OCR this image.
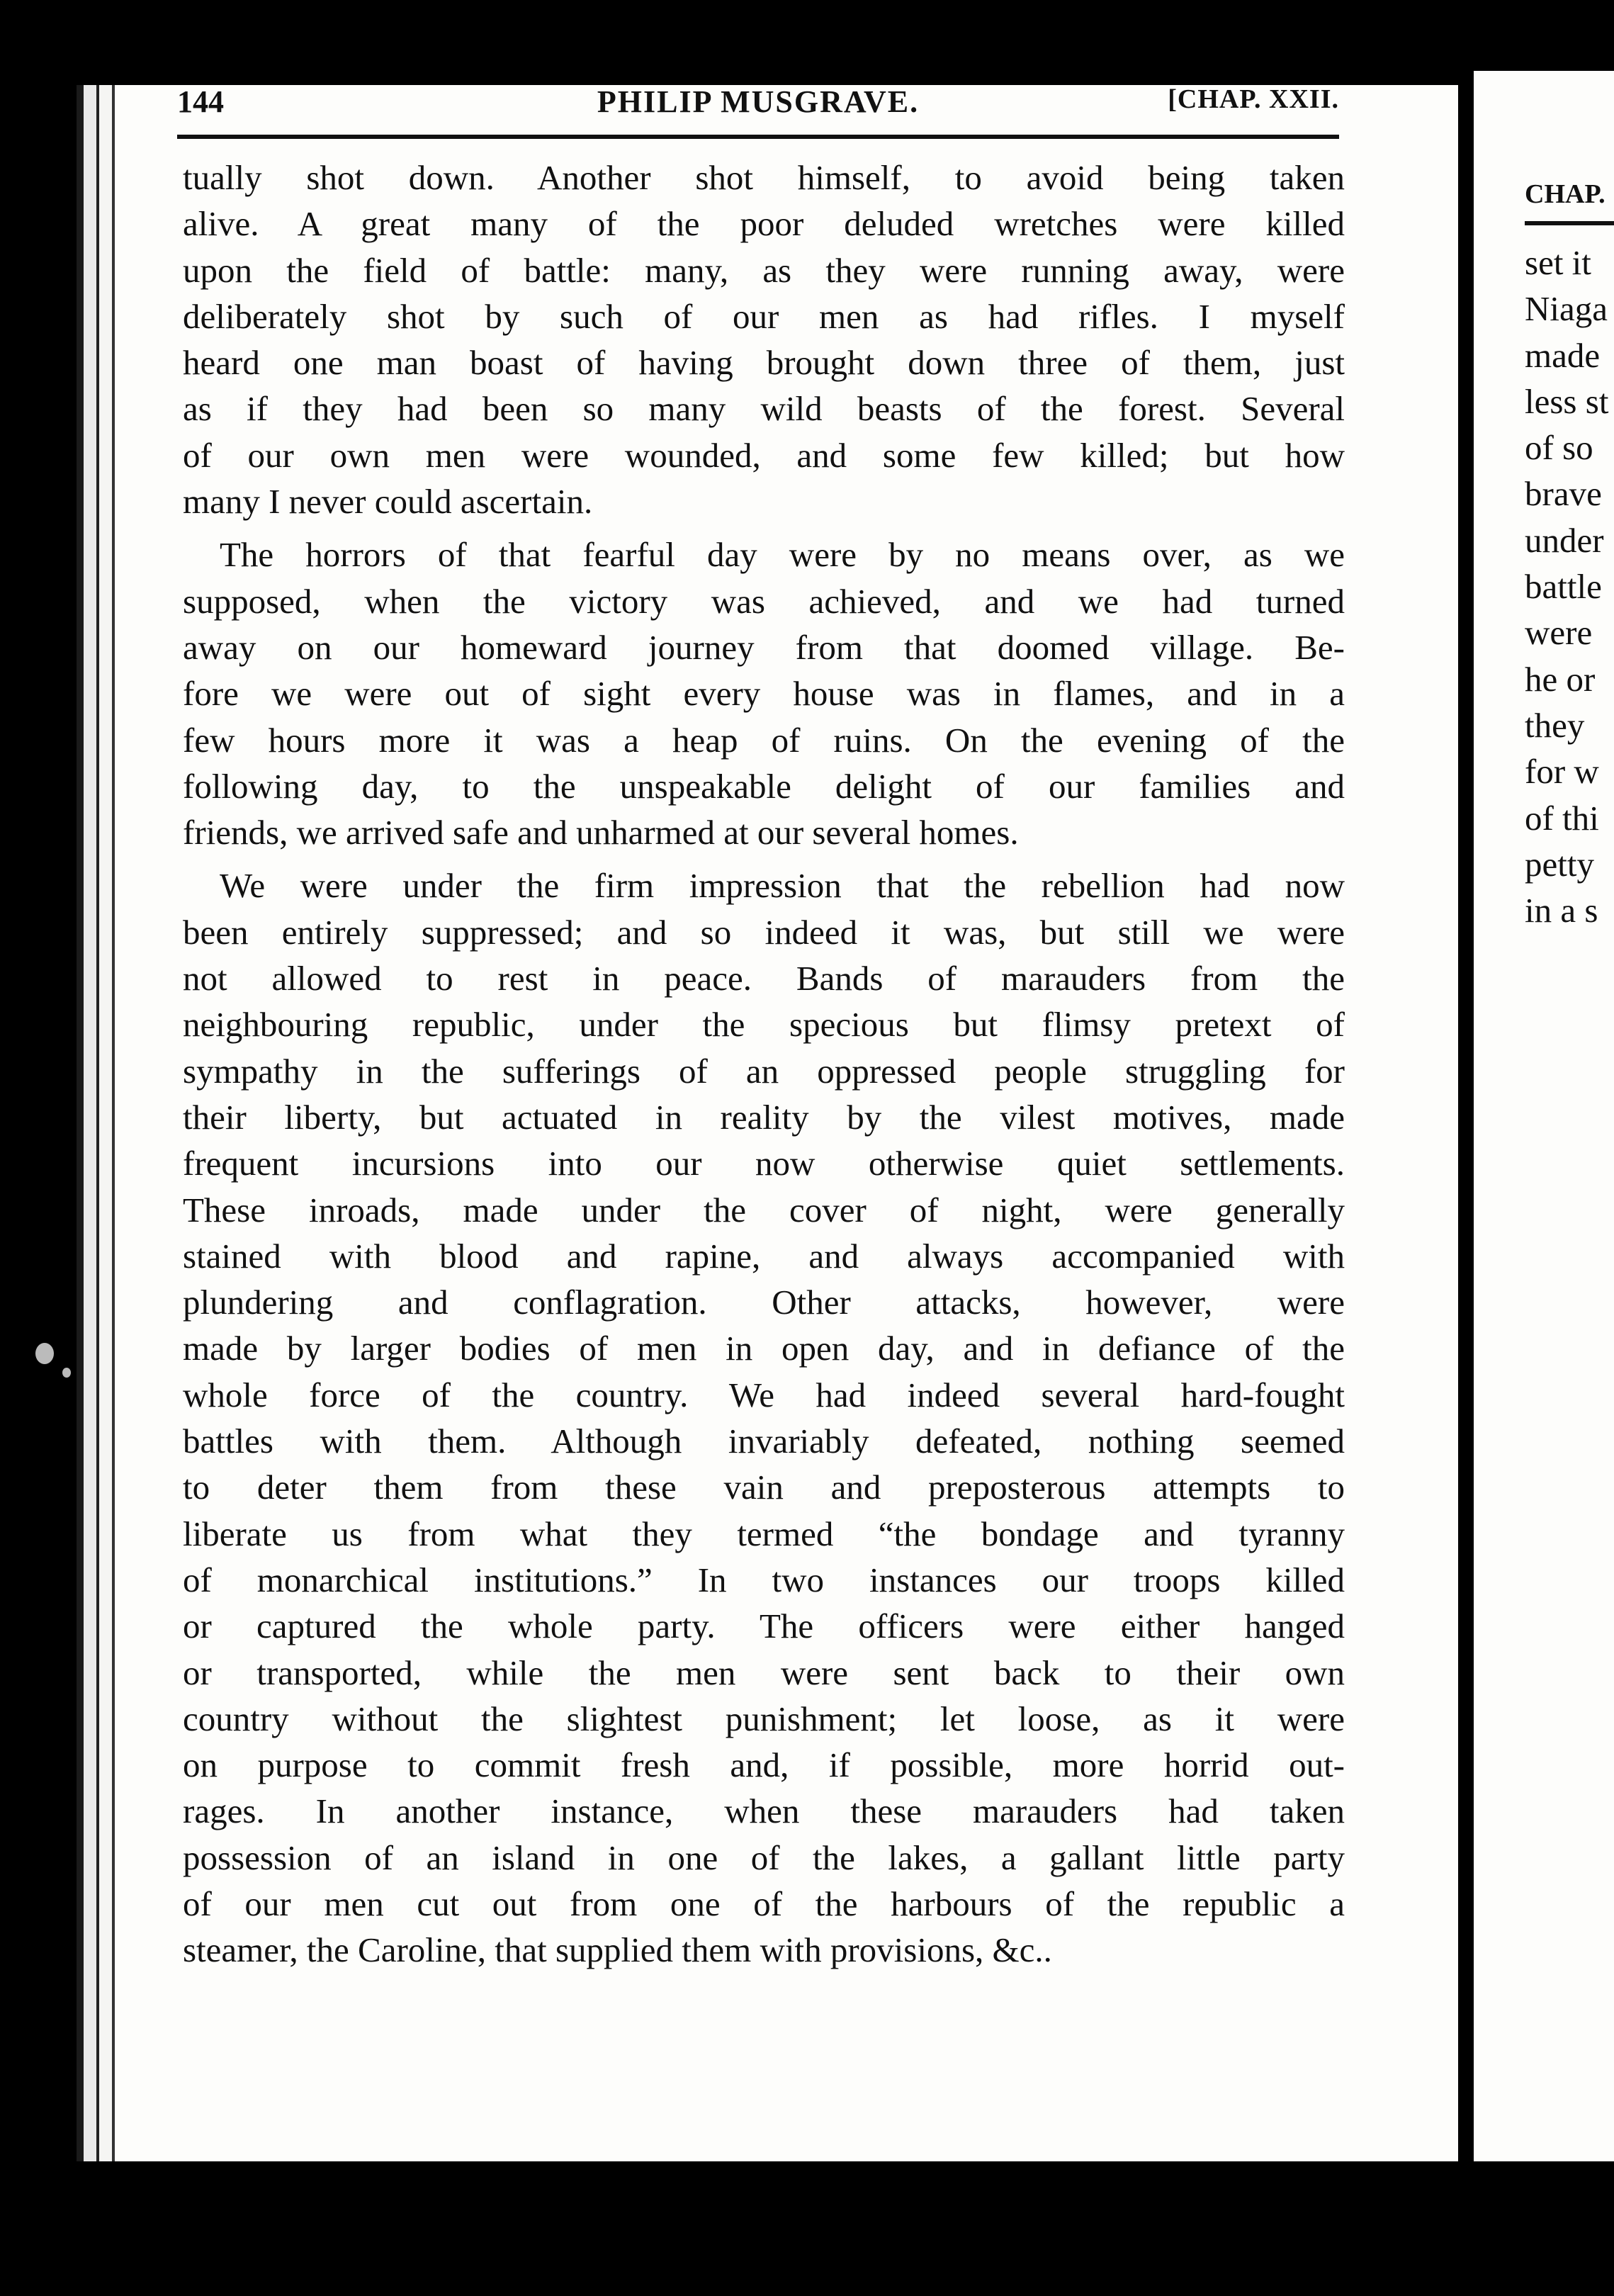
144	PHILIP MUSGRAVE.	[CHAP. XXII.
tually shot down. Another shot himself, to avoid being taken
alive. A great many of the poor deluded wretches were killed
upon the field of battle: many, as they were running away, were
deliberately shot by such of our men as had rifles. I myself
heard one man boast of having brought down three of them, just
as if they had been so many wild beasts of the forest. Several
of our own men were wounded, and some few killed; but how
many I never could ascertain.
The horrors of that fearful day were by no means over, as we
supposed, when the victory was achieved, and we had turned
away on our homeward journey from that doomed village. Be-
fore we were out of sight every house was in flames, and in a
few hours more it was a heap of ruins. On the evening of the
following day, to the unspeakable delight of our families and
friends, we arrived safe and unharmed at our several homes.
We were under the firm impression that the rebellion had now
been entirely suppressed; and so indeed it was, but still we were
not allowed to rest in peace. Bands of marauders from the
neighbouring republic, under the specious but flimsy pretext of
sympathy in the sufferings of an oppressed people struggling for
their liberty, but actuated in reality by the vilest motives, made
frequent incursions into our now otherwise quiet settlements.
These inroads, made under the cover of night, were generally
stained with blood and rapine, and always accompanied with
plundering and conflagration. Other attacks, however, were
made by larger bodies of men in open day, and in defiance of the
whole force of the country. We had indeed several hard-fought
battles with them. Although invariably defeated, nothing seemed
to deter them from these vain and preposterous attempts to
liberate us from what they termed “the bondage and tyranny
of monarchical institutions.” In two instances our troops killed
or captured the whole party. The officers were either hanged
or transported, while the men were sent back to their own
country without the slightest punishment; let loose, as it were
on purpose to commit fresh and, if possible, more horrid out-
rages. In another instance, when these marauders had taken
possession of an island in one of the lakes, a gallant little party
of our men cut out from one of the harbours of the republic a
steamer, the Caroline, that supplied them with provisions, &c..
CHAP.
set it
Niaga
made
less st
of so
brave
under
battle
were
he or
they
for w
of thi
petty
in a s
